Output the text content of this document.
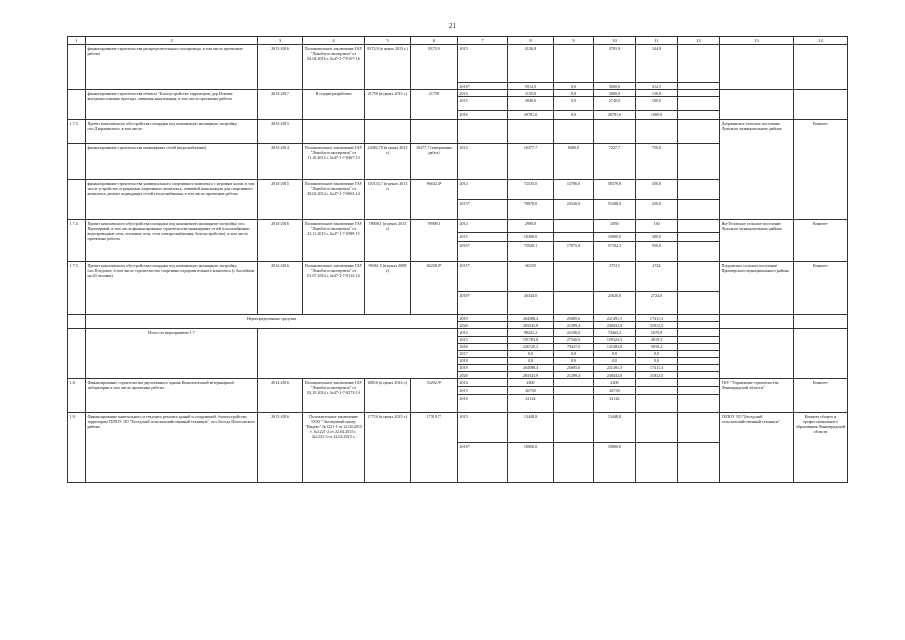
21
1	2	3	4	5	6	7	8	9	10	11	12	13	14
	финансирование строительства распределительного газопровода, в том числе проектные работы	2015-2016	Положительное заключение ГАУ "Леноблгосэкспертиза" от 04.04.2016 г. №47-1-7-0107-16	8373,9 (в ценах 2015 г.)	8373,9	2015	4126,8		3781,9	344,9			
						2016*	5912,5	0,0	5600,0	312,5			
	финансирование строительства объекта "Благоустройство территории, дер.Искомя: внутрипоселковые проезды, ливневая канализация, в том числе проектные работы	2014-2017	В стадии разработки	21750 (в ценах 2015 г.)	21750	2014	3150,0	0,0	3000,0	150,0			
						2015	2840,0	0,0	2740,0	100,0			
						2016	29781,6	0,0	28781,6	1000,0			
1.7.3.	Проект комплексного обустройства площадки под компактную жилищную застройку, пос.Дзержинского, в том числе:	2013-2015										Дзержинское сельское поселение Лужского муниципального района	Комитет
	финансирование строительства инженерных сетей (водоснабжение)	2013-2014	Положительное заключение ГАУ "Леноблгосэкспертиза" от 11.10.2013 г. №47-1-7-0467-13	23482,78 (в ценах 2013 г.)	16377,7 (завершение работ)	2014	16377,7	8400,0	7227,7	750,0			
	финансирование строительства универсального спортивного комплекса с игровым залом, в том числе устройство ограждения спортивного комплекса, ливневой канализации для спортивного комплекса, ремонт подводящих сетей теплоснабжения, в том числе проектные работы	2014-2015	Положительное заключение ГАУ "Леноблгосэкспертиза" от 28.02.2014 г. №47-1-7-0063-14	110133,7 (в ценах 2013 г.)	96632,4⁸	2014	72535,0	13706,0	58379,8	450,0			
						2015*	78078,0	22540,0	55288,0	250,0			
1.7.4	Проект комплексного обустройства площадки под компактную жилищную застройку, пос. Приозерный, в том числе финансирование строительства инженерных сетей (газоснабжение, водопроводные сети, тепловые сети, сети электроснабжения, благоустройство), в том числе проектные работы	2014-2016	Положительное заключение ГАУ "Леноблгосэкспертиза" от 23.11.2015 г. №47-1-7-0589-15	78908,1 (в ценах 2015 г.)	78908,1	2014	2980,0		2850	130		Ям-Тесовское сельское поселение Лужского муниципального района	Комитет
						2015	10300,0		10000,0	300,0			
						2016*	75928,1	17875,8	57102,3	950,0			
1.7.5.	Проект комплексного обустройства площадки под компактную жилищную застройку, пос.Плодовое, в том числе строительство спортивно-оздоровительного комплекса (с бассейном на 40 человек)	2012-2016	Положительное заключение ГАУ "Леноблгосэкспертиза" от 01.07.2014 г. №47-1-7-0112-14	96361,5 (в ценах 2008 г.)	60238,9⁹	2015*	60239		57515	2724		Плодовское сельское поселение Приозерского муниципального района	Комитет
						2016*	26344,0		23620,0	2724,0			
	Нераспределенные средства					2019	264588,4	25685,6	221491,5	17411,3			
						2020	283543,9	21299,4	230432,0	31812,5			
	Итого по мероприятию 1.7					2014	98241,2	22106,0	74465,2	1670,0			
						2015	191783,8	27540,0	159324,5	4919,3			
						2016	226720,2	79427,0	141483,0	5810,2			
						2017	0,0	0,0	0,0	0,0			
						2018	0,0	0,0	0,0	0,0			
						2019	264588,4	25685,6	221491,5	17411,3			
						2020	283543,9	21299,4	230432,0	31812,5			
1.8.	Финансирование строительства двухэтажного здания Кингисеппской ветеринарной лаборатории в том числе проектные работы	2014-2016	Положительное заключение ГАУ "Леноблгосэкспертиза" от 02.10.2014 г. №47-1-7-0273-14	68016 (в ценах 2014 г.)	53292,9⁶	2014	2400		2400			ГКУ "Управление строительства Ленинградской области"	Комитет
						2015	26730		26730				
						2016	41142		41142				
1.9.	Финансирование капитального и текущего ремонта зданий и сооружений, благоустройство территории ГБПОУ ЛО "Беседский сельскохозяйственный техникум", пос.Беседа Волосовского района	2015-2016	Положительное заключение ООО "Экспертный центр "Индекс" №1221-1 от 22.04.2015 г. №1221-2 от 22.04.2015 г. №1221-3 от 22.04.2015 г.	17716 (в ценах 2015 г.)	17319,7⁷	2015	13448,8		13448,8			ГБПОУ ЛО "Беседский сельскохозяйственный техникум"	Комитет общего и профессионального образования Ленинградской области
						2016*	18000,0		18000,0				
